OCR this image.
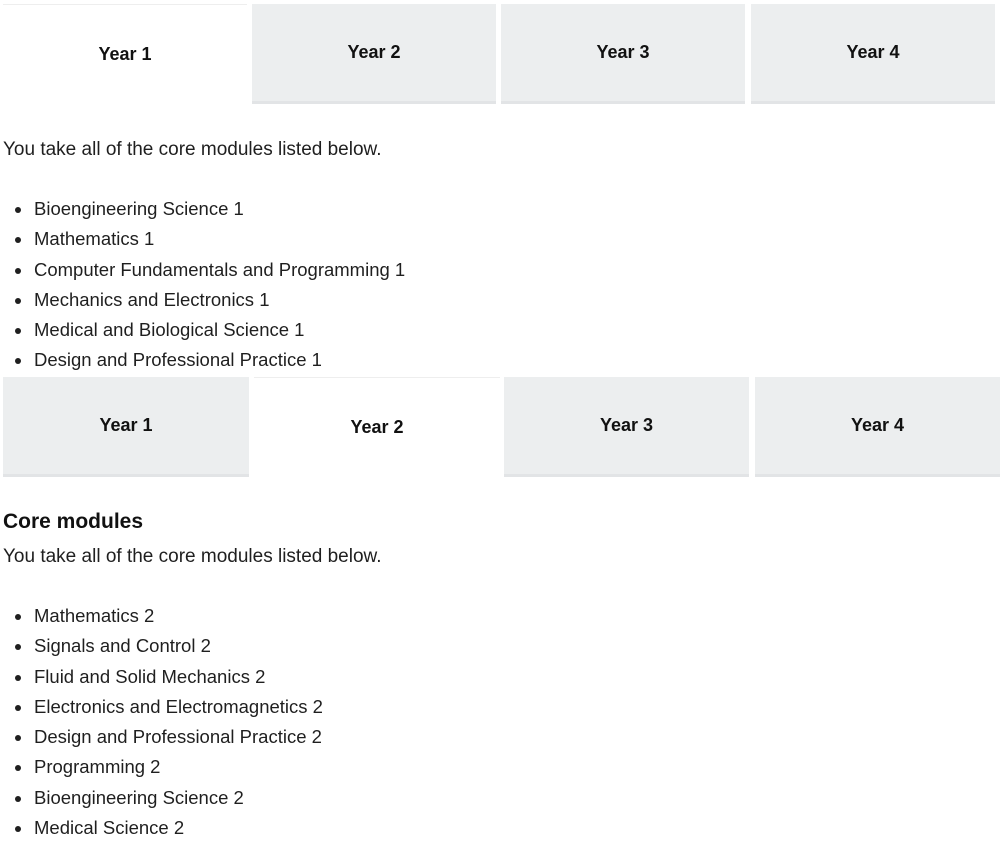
Year 1	Year 2	Year 3	Year 4

You take all of the core modules listed below.

Bioengineering Science 1
Mathematics 1
Computer Fundamentals and Programming 1
Mechanics and Electronics 1
Medical and Biological Science 1
Design and Professional Practice 1
Year 1	Year 2	Year 3	Year 4
Core modules

You take all of the core modules listed below.

Mathematics 2
Signals and Control 2
Fluid and Solid Mechanics 2
Electronics and Electromagnetics 2
Design and Professional Practice 2
Programming 2
Bioengineering Science 2
Medical Science 2
